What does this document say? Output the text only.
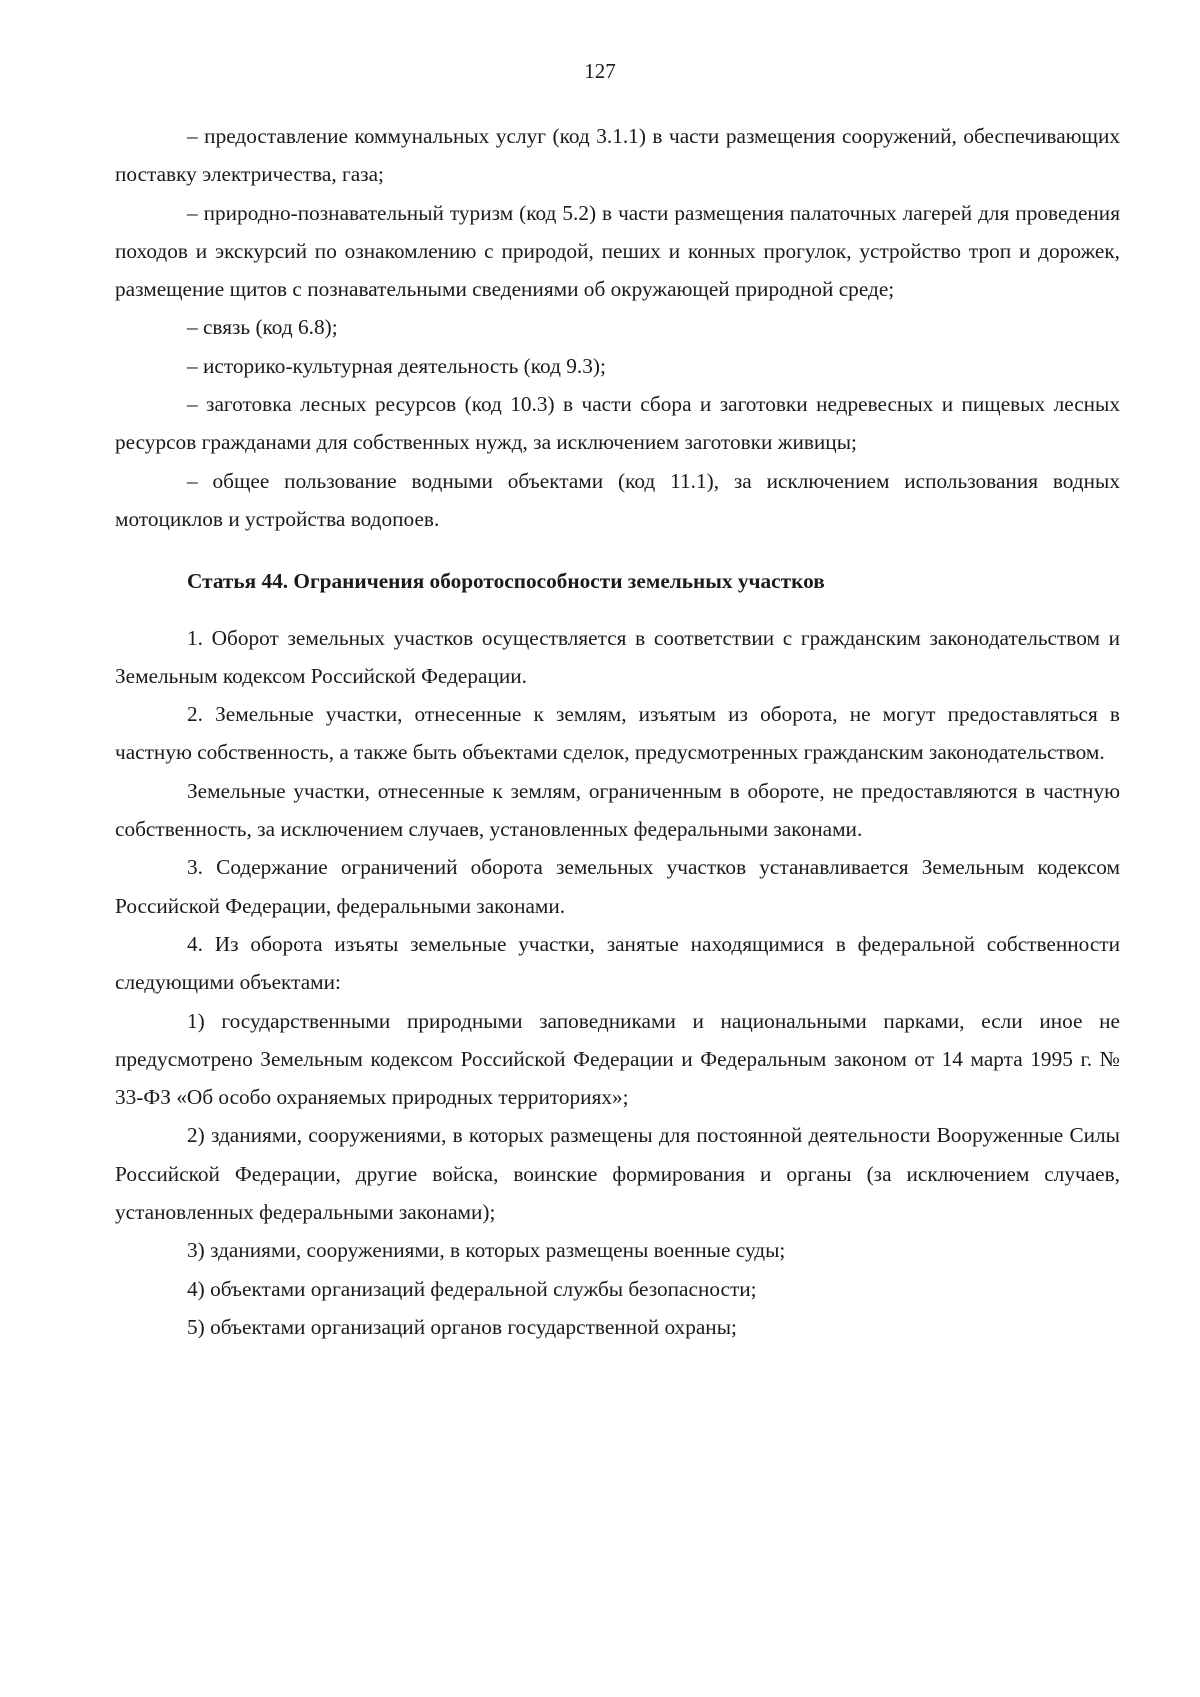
127

– предоставление коммунальных услуг (код 3.1.1) в части размещения сооружений, обеспечивающих поставку электричества, газа;

– природно-познавательный туризм (код 5.2) в части размещения палаточных лагерей для проведения походов и экскурсий по ознакомлению с природой, пеших и конных прогулок, устройство троп и дорожек, размещение щитов с познавательными сведениями об окружающей природной среде;

– связь (код 6.8);

– историко-культурная деятельность (код 9.3);

– заготовка лесных ресурсов (код 10.3) в части сбора и заготовки недревесных и пищевых лесных ресурсов гражданами для собственных нужд, за исключением заготовки живицы;

– общее пользование водными объектами (код 11.1), за исключением использования водных мотоциклов и устройства водопоев.

Статья 44. Ограничения оборотоспособности земельных участков

1. Оборот земельных участков осуществляется в соответствии с гражданским законодательством и Земельным кодексом Российской Федерации.

2. Земельные участки, отнесенные к землям, изъятым из оборота, не могут предоставляться в частную собственность, а также быть объектами сделок, предусмотренных гражданским законодательством.

Земельные участки, отнесенные к землям, ограниченным в обороте, не предоставляются в частную собственность, за исключением случаев, установленных федеральными законами.

3. Содержание ограничений оборота земельных участков устанавливается Земельным кодексом Российской Федерации, федеральными законами.

4. Из оборота изъяты земельные участки, занятые находящимися в федеральной собственности следующими объектами:

1) государственными природными заповедниками и национальными парками, если иное не предусмотрено Земельным кодексом Российской Федерации и Федеральным законом от 14 марта 1995 г. № 33-ФЗ «Об особо охраняемых природных территориях»;

2) зданиями, сооружениями, в которых размещены для постоянной деятельности Вооруженные Силы Российской Федерации, другие войска, воинские формирования и органы (за исключением случаев, установленных федеральными законами);

3) зданиями, сооружениями, в которых размещены военные суды;

4) объектами организаций федеральной службы безопасности;

5) объектами организаций органов государственной охраны;
